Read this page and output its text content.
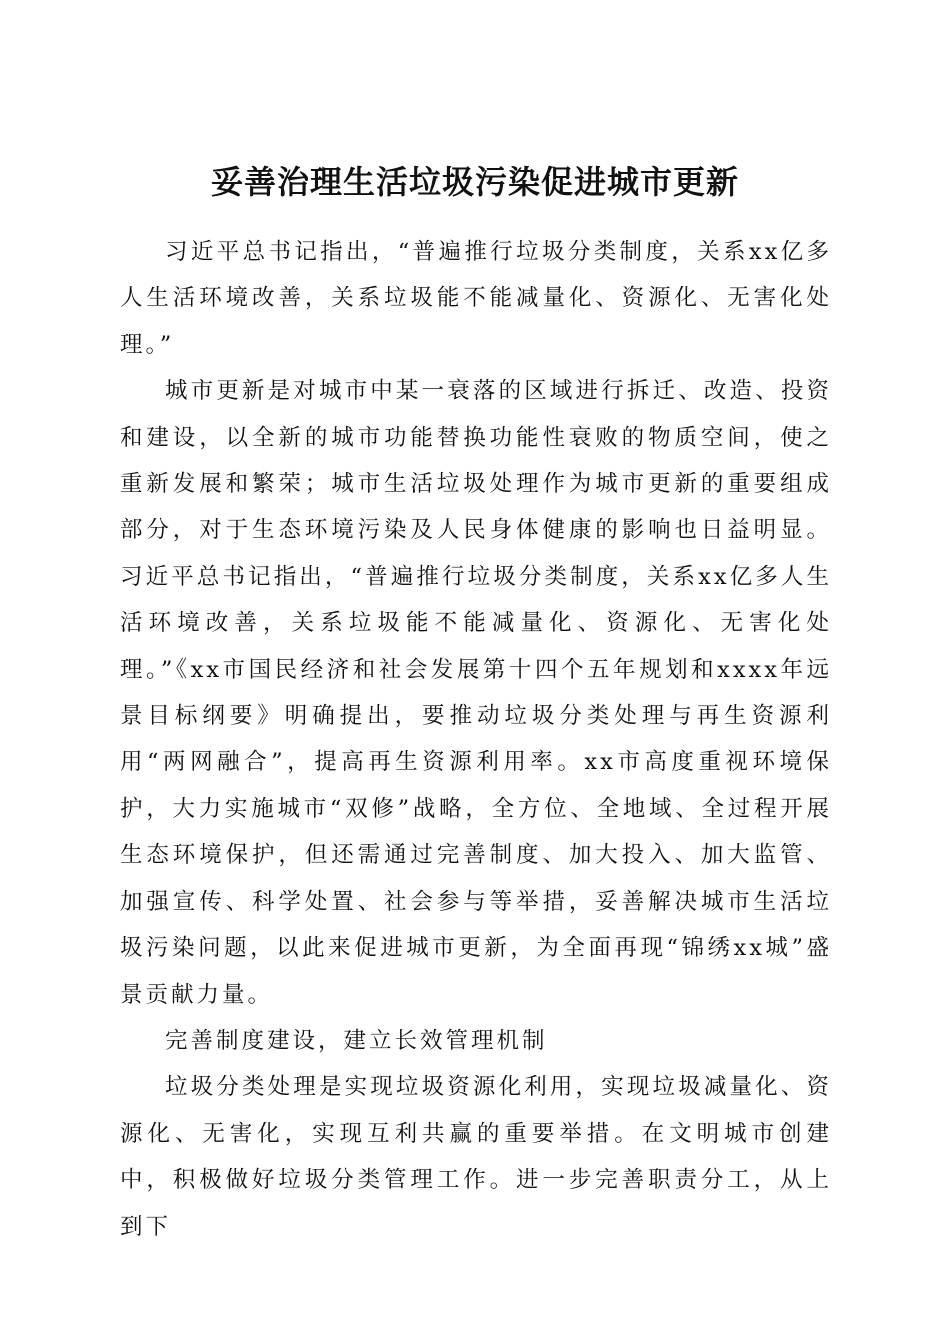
妥善治理生活垃圾污染促进城市更新

习近平总书记指出，“普遍推行垃圾分类制度，关系xx亿多人生活环境改善，关系垃圾能不能减量化、资源化、无害化处理。”

城市更新是对城市中某一衰落的区域进行拆迁、改造、投资和建设，以全新的城市功能替换功能性衰败的物质空间，使之重新发展和繁荣；城市生活垃圾处理作为城市更新的重要组成部分，对于生态环境污染及人民身体健康的影响也日益明显。习近平总书记指出，“普遍推行垃圾分类制度，关系xx亿多人生活环境改善，关系垃圾能不能减量化、资源化、无害化处理。”《xx市国民经济和社会发展第十四个五年规划和xxxx年远景目标纲要》明确提出，要推动垃圾分类处理与再生资源利用“两网融合”，提高再生资源利用率。xx市高度重视环境保护，大力实施城市“双修”战略，全方位、全地域、全过程开展生态环境保护，但还需通过完善制度、加大投入、加大监管、加强宣传、科学处置、社会参与等举措，妥善解决城市生活垃圾污染问题，以此来促进城市更新，为全面再现“锦绣xx城”盛景贡献力量。

完善制度建设，建立长效管理机制

垃圾分类处理是实现垃圾资源化利用，实现垃圾减量化、资源化、无害化，实现互利共赢的重要举措。在文明城市创建中，积极做好垃圾分类管理工作。进一步完善职责分工，从上到下
